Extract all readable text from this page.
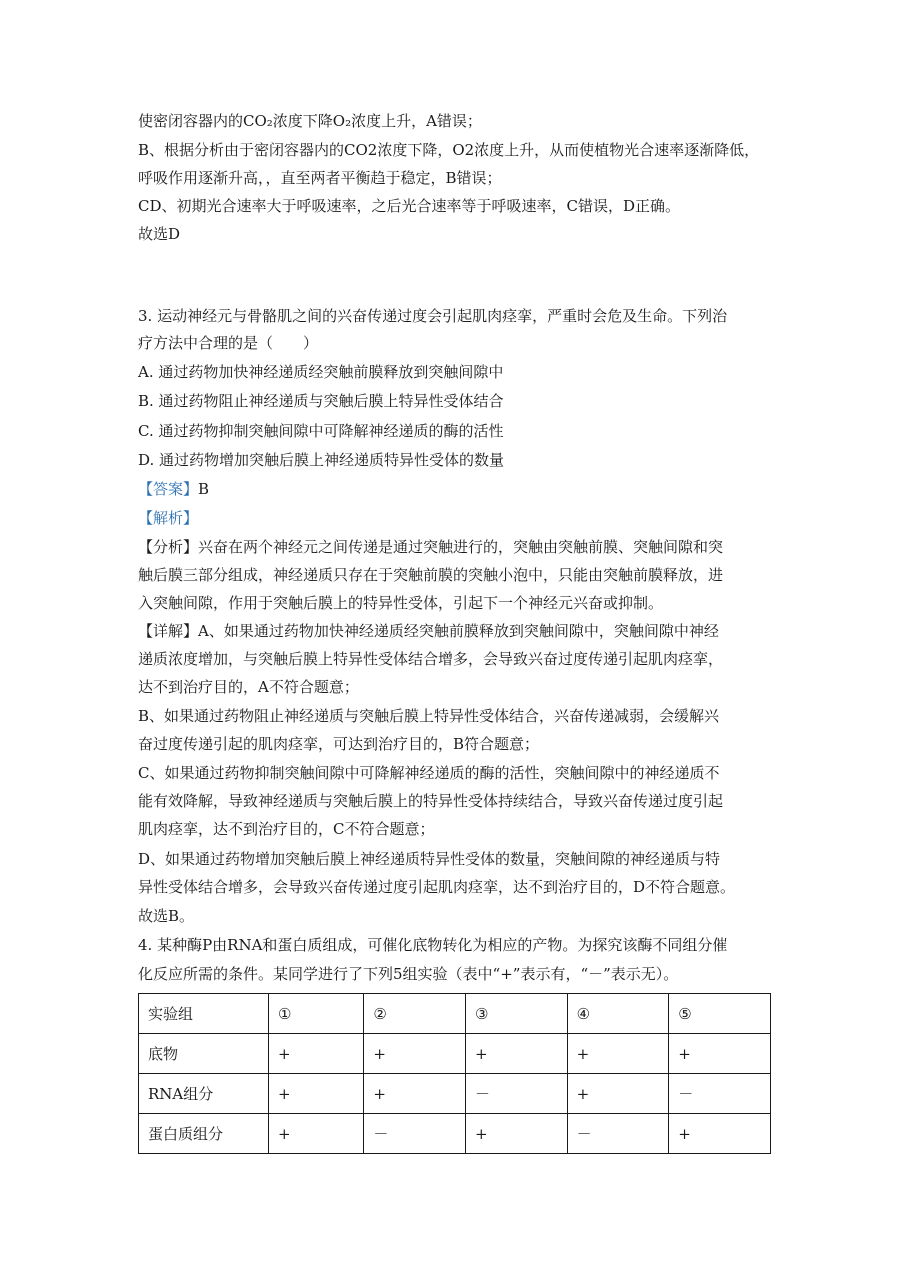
使密闭容器内的CO₂浓度下降O₂浓度上升，A错误；
B、根据分析由于密闭容器内的CO2浓度下降，O2浓度上升，从而使植物光合速率逐渐降低，
呼吸作用逐渐升高，，直至两者平衡趋于稳定，B错误；
CD、初期光合速率大于呼吸速率，之后光合速率等于呼吸速率，C错误，D正确。
故选D
3. 运动神经元与骨骼肌之间的兴奋传递过度会引起肌肉痉挛，严重时会危及生命。下列治
疗方法中合理的是（　　）
A. 通过药物加快神经递质经突触前膜释放到突触间隙中
B. 通过药物阻止神经递质与突触后膜上特异性受体结合
C. 通过药物抑制突触间隙中可降解神经递质的酶的活性
D. 通过药物增加突触后膜上神经递质特异性受体的数量
【答案】B
【解析】
【分析】兴奋在两个神经元之间传递是通过突触进行的，突触由突触前膜、突触间隙和突
触后膜三部分组成，神经递质只存在于突触前膜的突触小泡中，只能由突触前膜释放，进
入突触间隙，作用于突触后膜上的特异性受体，引起下一个神经元兴奋或抑制。
【详解】A、如果通过药物加快神经递质经突触前膜释放到突触间隙中，突触间隙中神经
递质浓度增加，与突触后膜上特异性受体结合增多，会导致兴奋过度传递引起肌肉痉挛，
达不到治疗目的，A不符合题意；
B、如果通过药物阻止神经递质与突触后膜上特异性受体结合，兴奋传递减弱，会缓解兴
奋过度传递引起的肌肉痉挛，可达到治疗目的，B符合题意；
C、如果通过药物抑制突触间隙中可降解神经递质的酶的活性，突触间隙中的神经递质不
能有效降解，导致神经递质与突触后膜上的特异性受体持续结合，导致兴奋传递过度引起
肌肉痉挛，达不到治疗目的，C不符合题意；
D、如果通过药物增加突触后膜上神经递质特异性受体的数量，突触间隙的神经递质与特
异性受体结合增多，会导致兴奋传递过度引起肌肉痉挛，达不到治疗目的，D不符合题意。
故选B。
4. 某种酶P由RNA和蛋白质组成，可催化底物转化为相应的产物。为探究该酶不同组分催
化反应所需的条件。某同学进行了下列5组实验（表中“+”表示有，“－”表示无）。
实验组	①	②	③	④	⑤
底物	+	+	+	+	+
RNA组分	+	+	－	+	－
蛋白质组分	+	－	+	－	+
